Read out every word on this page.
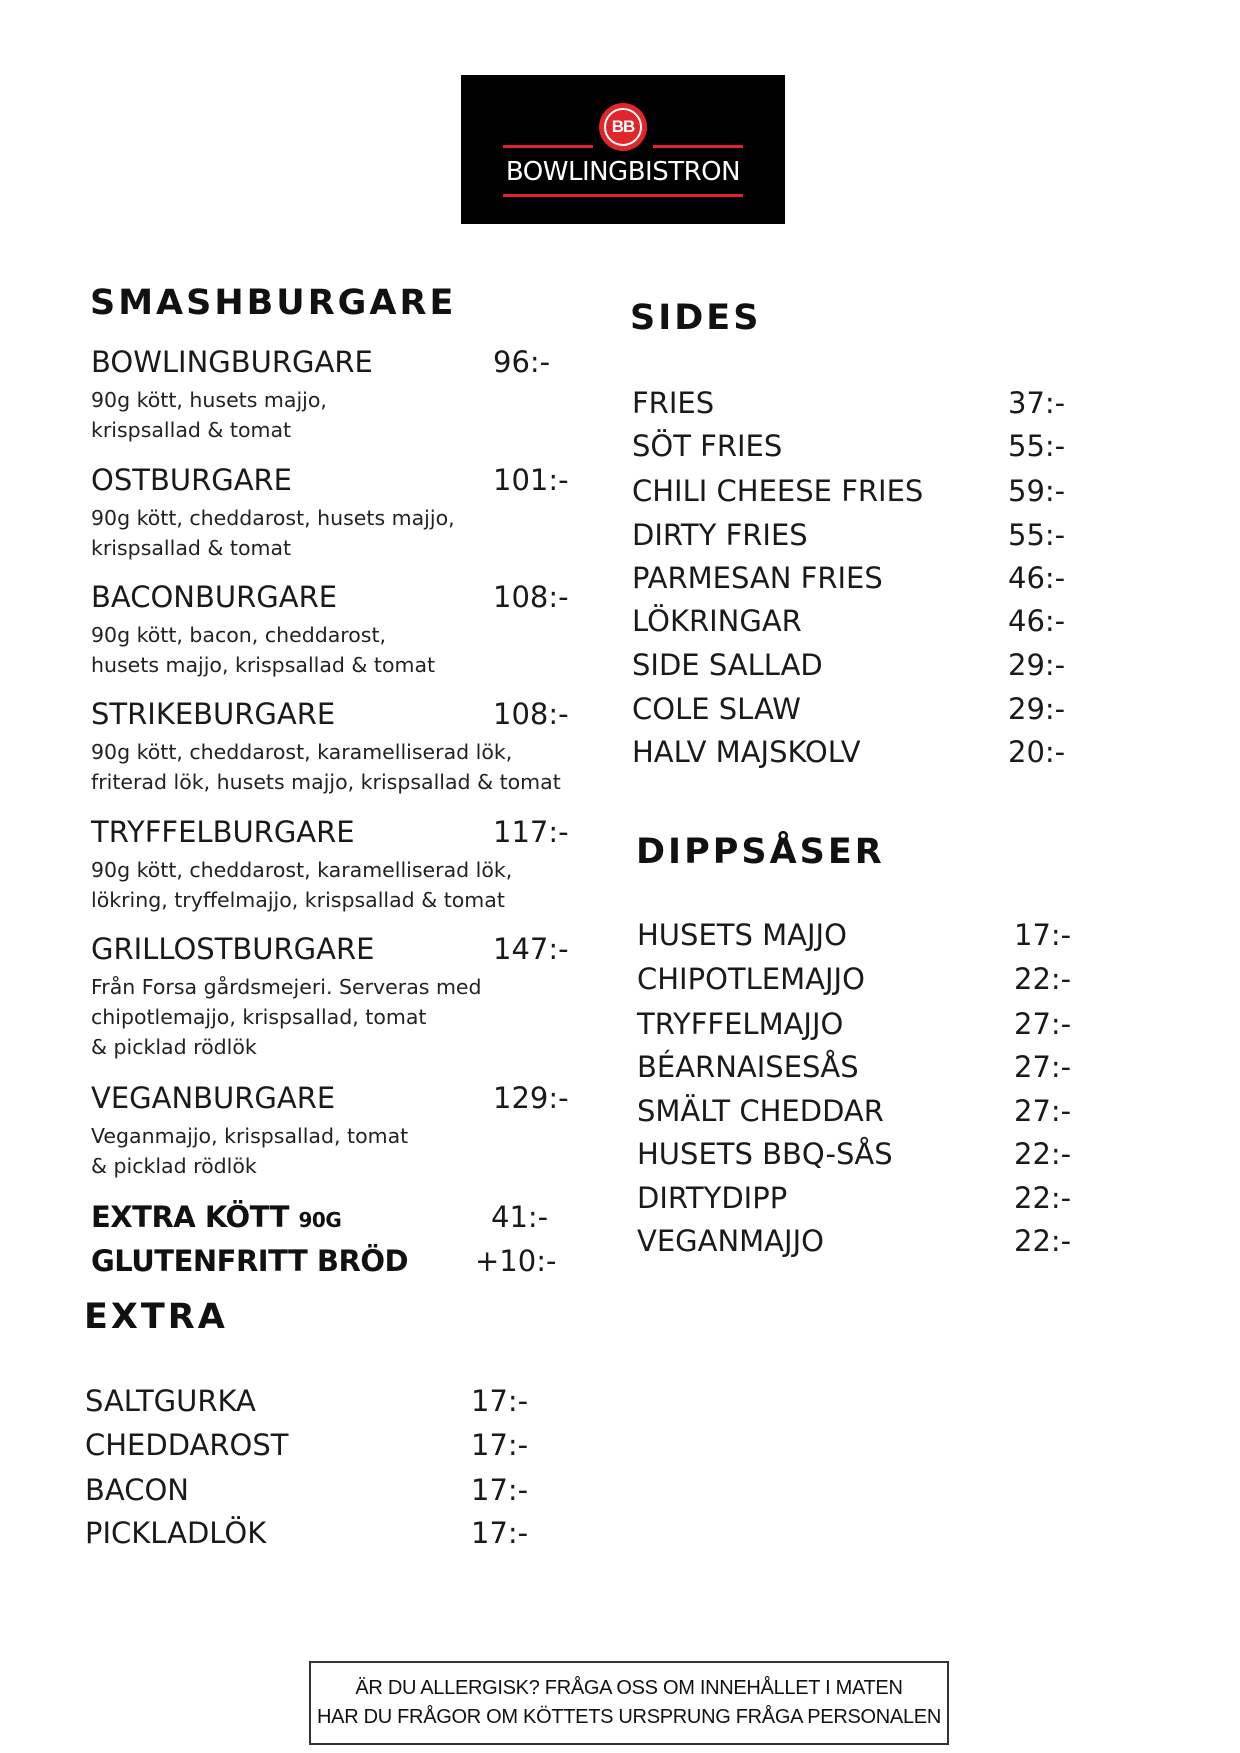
BB
BOWLINGBISTRON
SMASHBURGARE
BOWLINGBURGARE	96:-
90g kött, husets majjo,
krispsallad & tomat
OSTBURGARE	101:-
90g kött, cheddarost, husets majjo,
krispsallad & tomat
BACONBURGARE	108:-
90g kött, bacon, cheddarost,
husets majjo, krispsallad & tomat
STRIKEBURGARE	108:-
90g kött, cheddarost, karamelliserad lök,
friterad lök, husets majjo, krispsallad & tomat
TRYFFELBURGARE	117:-
90g kött, cheddarost, karamelliserad lök,
lökring, tryffelmajjo, krispsallad & tomat
GRILLOSTBURGARE	147:-
Från Forsa gårdsmejeri. Serveras med
chipotlemajjo, krispsallad, tomat
& picklad rödlök
VEGANBURGARE	129:-
Veganmajjo, krispsallad, tomat
& picklad rödlök
EXTRA KÖTT 90G	41:-
GLUTENFRITT BRÖD +10:-
EXTRA
SALTGURKA	17:-
CHEDDAROST	17:-
BACON	17:-
PICKLADLÖK	17:-
SIDES
FRIES	37:-
SÖT FRIES	55:-
CHILI CHEESE FRIES	59:-
DIRTY FRIES	55:-
PARMESAN FRIES	46:-
LÖKRINGAR	46:-
SIDE SALLAD	29:-
COLE SLAW	29:-
HALV MAJSKOLV	20:-
DIPPSÅSER
HUSETS MAJJO	17:-
CHIPOTLEMAJJO	22:-
TRYFFELMAJJO	27:-
BÉARNAISESÅS	27:-
SMÄLT CHEDDAR	27:-
HUSETS BBQ-SÅS	22:-
DIRTYDIPP	22:-
VEGANMAJJO	22:-
ÄR DU ALLERGISK? FRÅGA OSS OM INNEHÅLLET I MATEN
HAR DU FRÅGOR OM KÖTTETS URSPRUNG FRÅGA PERSONALEN
